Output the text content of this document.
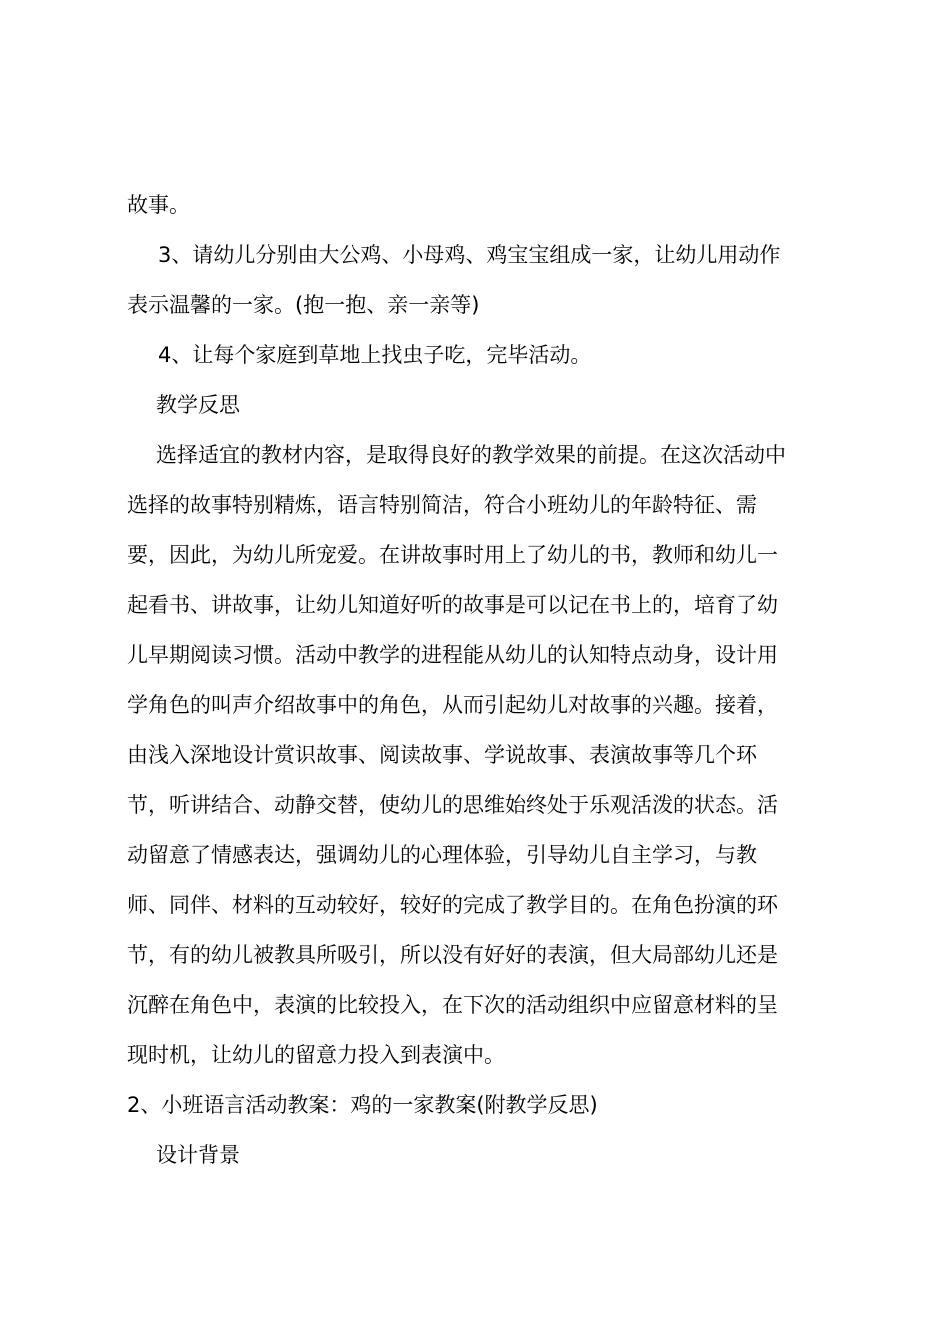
故事。
3、请幼儿分别由大公鸡、小母鸡、鸡宝宝组成一家，让幼儿用动作
表示温馨的一家。(抱一抱、亲一亲等)
4、让每个家庭到草地上找虫子吃，完毕活动。
教学反思
选择适宜的教材内容，是取得良好的教学效果的前提。在这次活动中
选择的故事特别精炼，语言特别简洁，符合小班幼儿的年龄特征、需
要，因此，为幼儿所宠爱。在讲故事时用上了幼儿的书，教师和幼儿一
起看书、讲故事，让幼儿知道好听的故事是可以记在书上的，培育了幼
儿早期阅读习惯。活动中教学的进程能从幼儿的认知特点动身，设计用
学角色的叫声介绍故事中的角色，从而引起幼儿对故事的兴趣。接着，
由浅入深地设计赏识故事、阅读故事、学说故事、表演故事等几个环
节，听讲结合、动静交替，使幼儿的思维始终处于乐观活泼的状态。活
动留意了情感表达，强调幼儿的心理体验，引导幼儿自主学习，与教
师、同伴、材料的互动较好，较好的完成了教学目的。在角色扮演的环
节，有的幼儿被教具所吸引，所以没有好好的表演，但大局部幼儿还是
沉醉在角色中，表演的比较投入，在下次的活动组织中应留意材料的呈
现时机，让幼儿的留意力投入到表演中。
2、小班语言活动教案：鸡的一家教案(附教学反思)
设计背景
